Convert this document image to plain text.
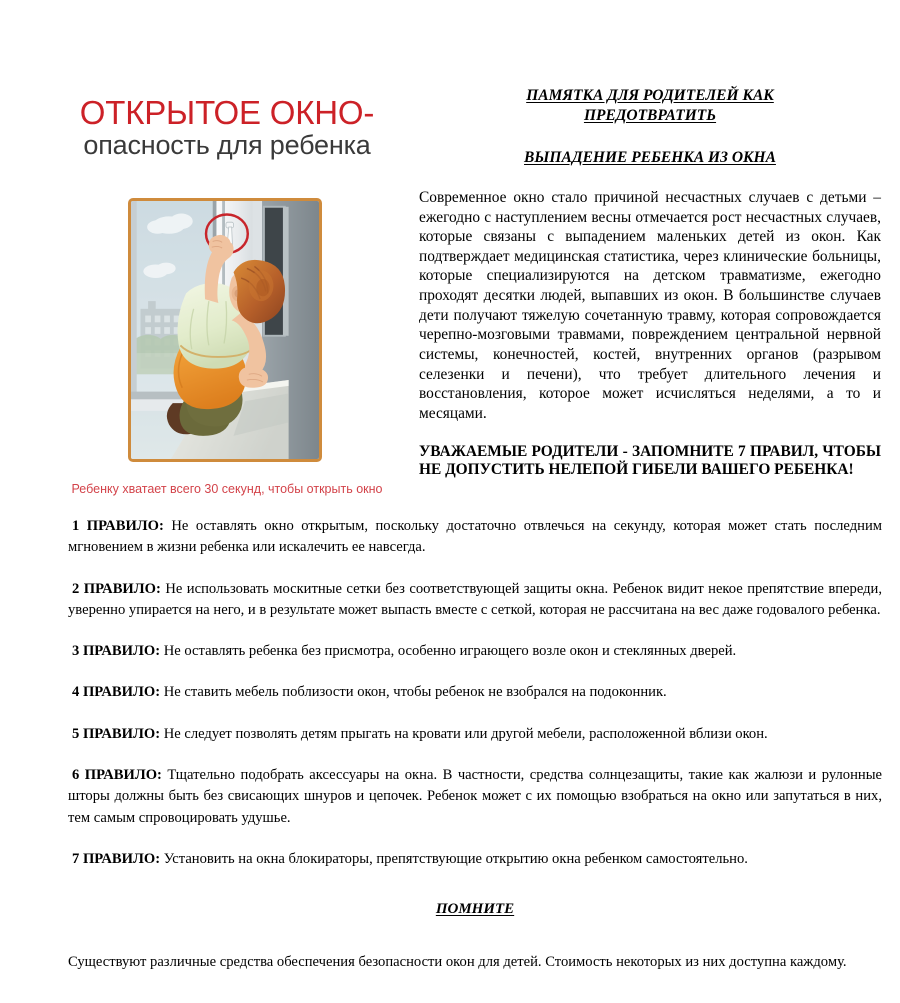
ОТКРЫТОЕ ОКНО-
опасность для ребенка
Ребенку хватает всего 30 секунд, чтобы открыть окно
ПАМЯТКА ДЛЯ РОДИТЕЛЕЙ КАК
ПРЕДОТВРАТИТЬ
ВЫПАДЕНИЕ РЕБЕНКА ИЗ ОКНА

Современное окно стало причиной несчастных случаев с детьми – ежегодно с наступлением весны отмечается рост несчастных случаев, которые связаны с выпадением маленьких детей из окон. Как подтверждает медицинская статистика, через клинические больницы, которые специализируются на детском травматизме, ежегодно проходят десятки людей, выпавших из окон. В большинстве случаев дети получают тяжелую сочетанную травму, которая сопровождается черепно-мозговыми травмами, повреждением центральной нервной системы, конечностей, костей, внутренних органов (разрывом селезенки и печени), что требует длительного лечения и восстановления, которое может исчисляться неделями, а то и месяцами.

УВАЖАЕМЫЕ РОДИТЕЛИ - ЗАПОМНИТЕ 7 ПРАВИЛ, ЧТОБЫ НЕ ДОПУСТИТЬ НЕЛЕПОЙ ГИБЕЛИ ВАШЕГО РЕБЕНКА!

1 ПРАВИЛО: Не оставлять окно открытым, поскольку достаточно отвлечься на секунду, которая может стать последним мгновением в жизни ребенка или искалечить ее навсегда.

2 ПРАВИЛО: Не использовать москитные сетки без соответствующей защиты окна. Ребенок видит некое препятствие впереди, уверенно упирается на него, и в результате может выпасть вместе с сеткой, которая не рассчитана на вес даже годовалого ребенка.

3 ПРАВИЛО: Не оставлять ребенка без присмотра, особенно играющего возле окон и стеклянных дверей.

4 ПРАВИЛО: Не ставить мебель поблизости окон, чтобы ребенок не взобрался на подоконник.

5 ПРАВИЛО: Не следует позволять детям прыгать на кровати или другой мебели, расположенной вблизи окон.

6 ПРАВИЛО: Тщательно подобрать аксессуары на окна. В частности, средства солнцезащиты, такие как жалюзи и рулонные шторы должны быть без свисающих шнуров и цепочек. Ребенок может с их помощью взобраться на окно или запутаться в них, тем самым спровоцировать удушье.

7 ПРАВИЛО: Установить на окна блокираторы, препятствующие открытию окна ребенком самостоятельно.

ПОМНИТЕ

Существуют различные средства обеспечения безопасности окон для детей. Стоимость некоторых из них доступна каждому.
